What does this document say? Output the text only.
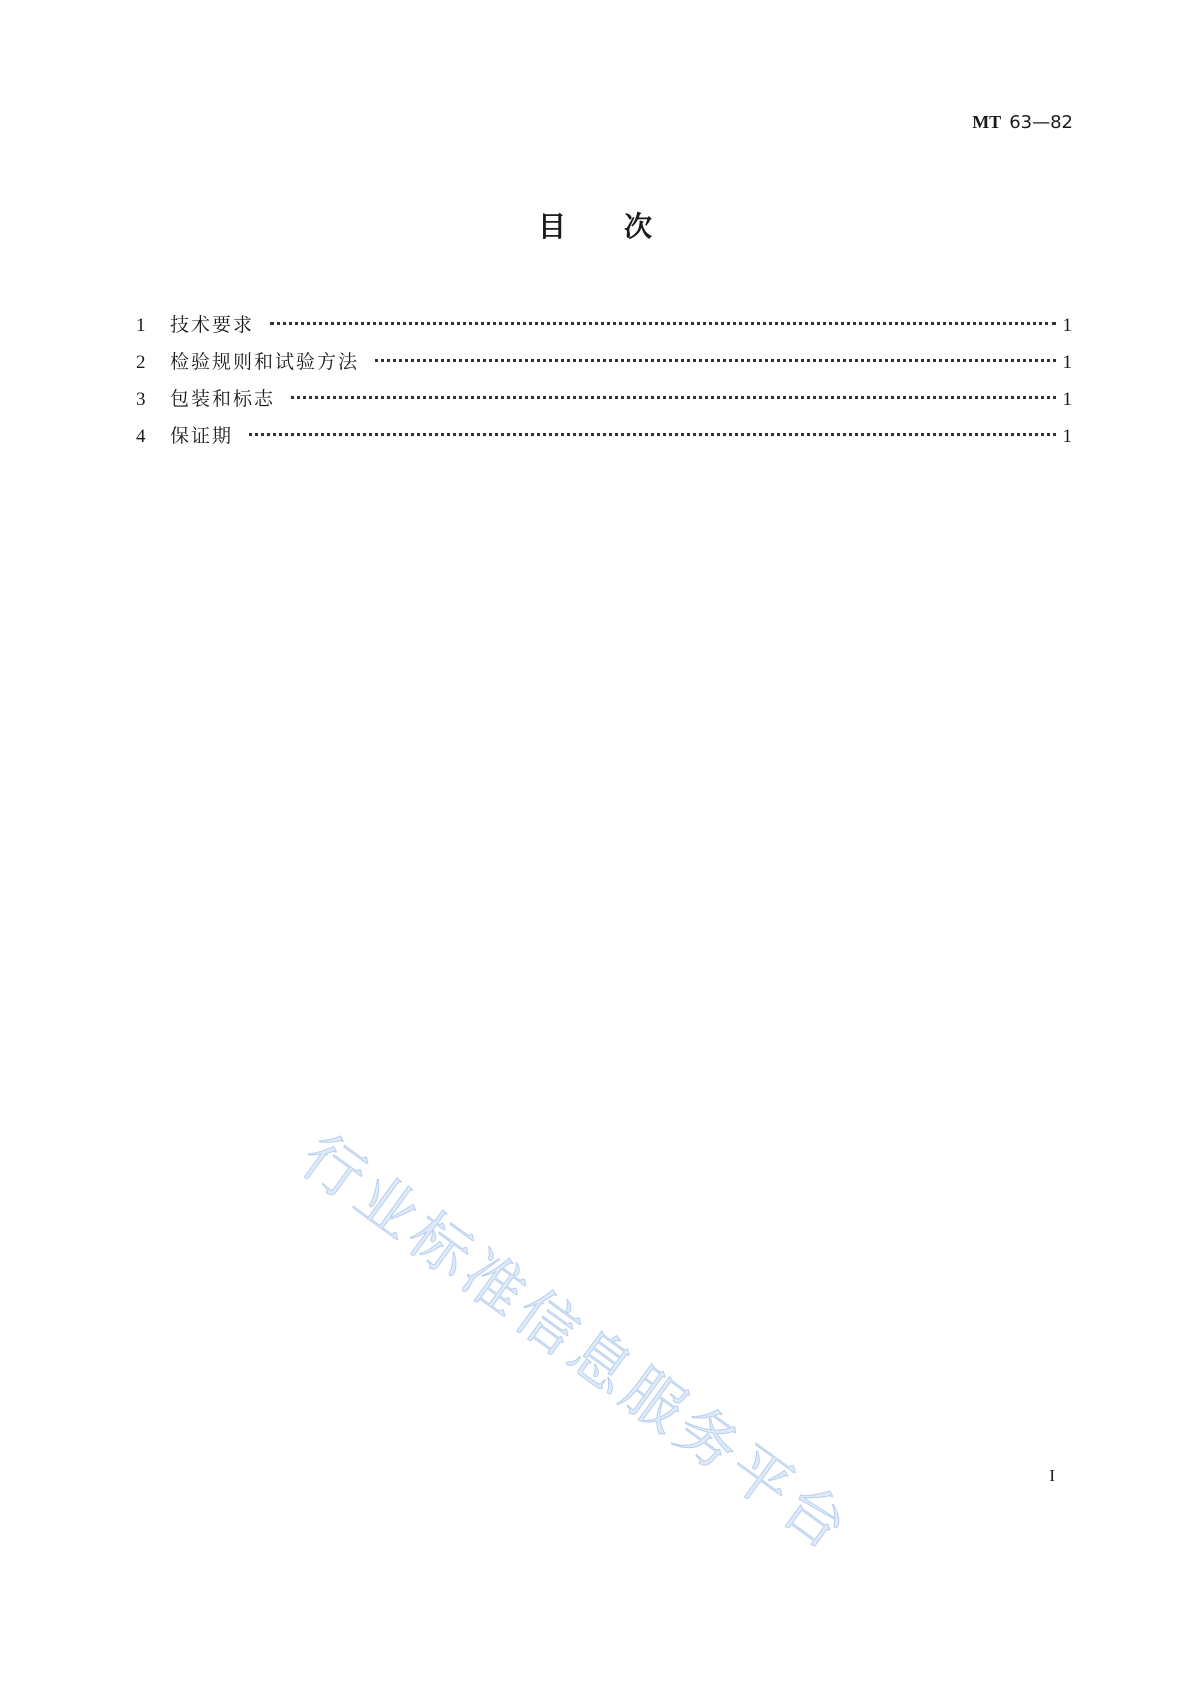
MT 63—82
目次
1	技术要求	1
2	检验规则和试验方法	1
3	包装和标志	1
4	保证期	1
行业标准信息服务平台	I
